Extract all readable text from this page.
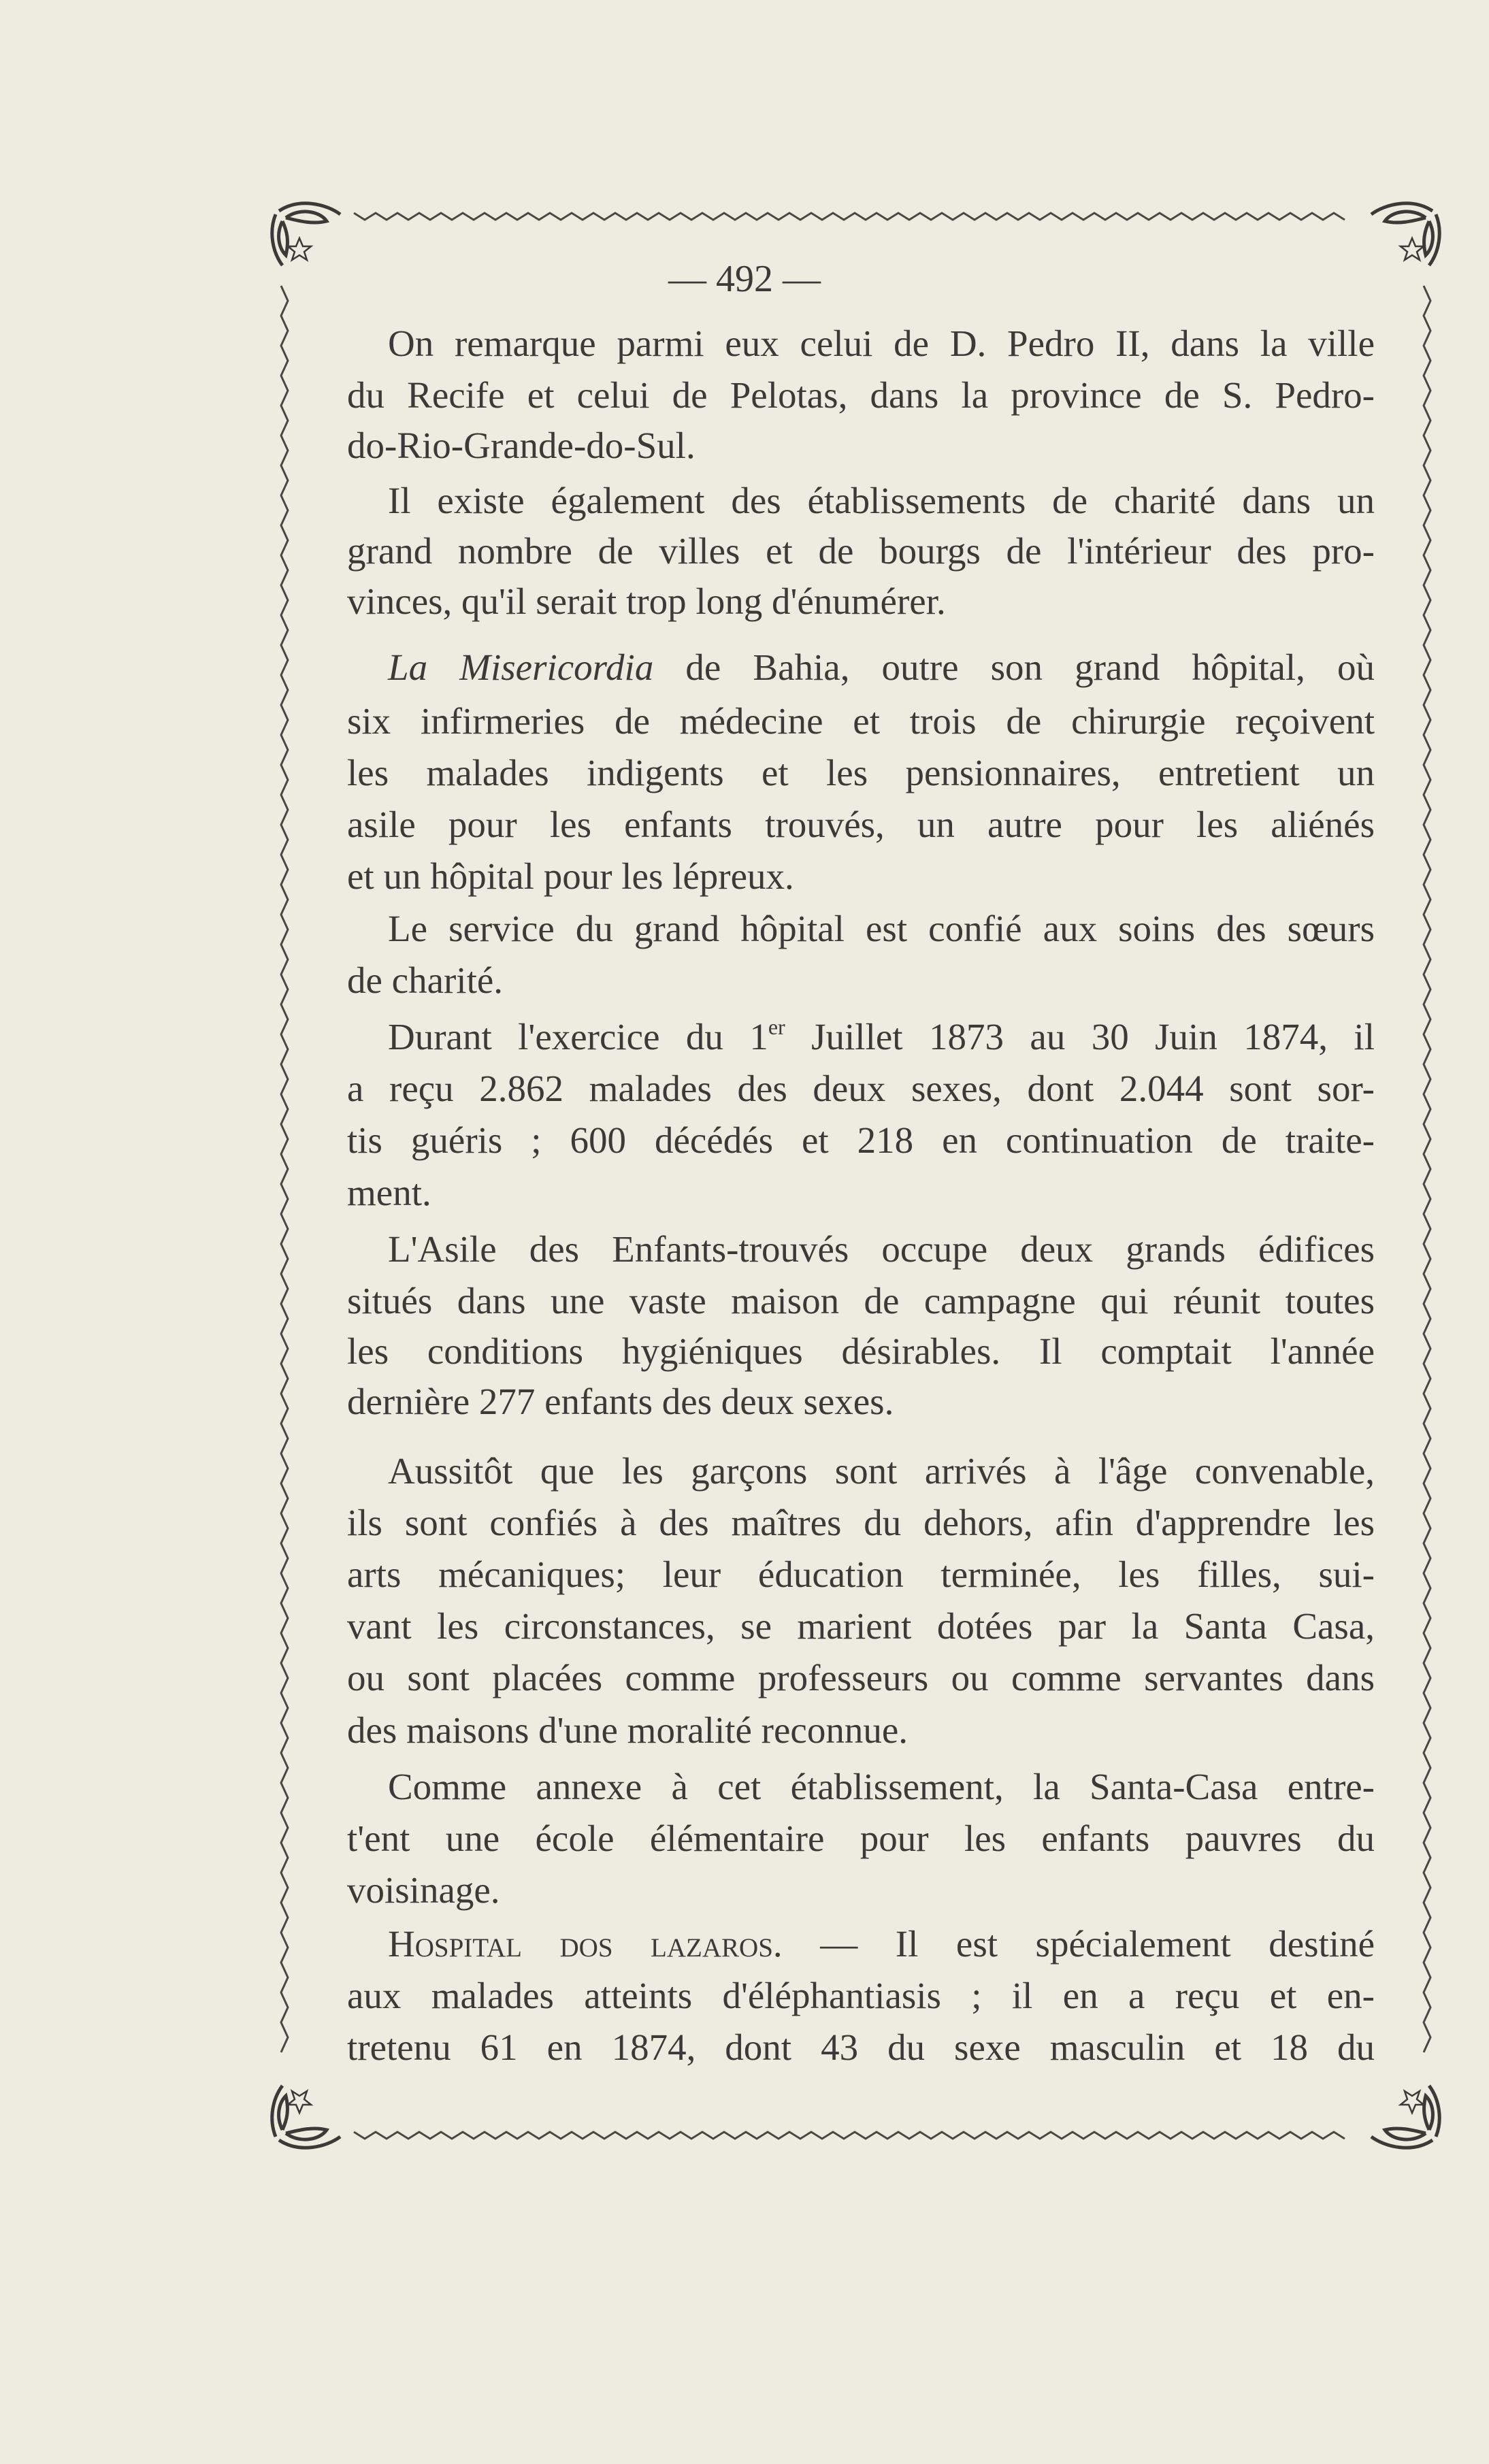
— 492 —
On remarque parmi eux celui de D. Pedro II, dans la ville
du Recife et celui de Pelotas, dans la province de S. Pedro-
do-Rio-Grande-do-Sul.
Il existe également des établissements de charité dans un
grand nombre de villes et de bourgs de l'intérieur des pro-
vinces, qu'il serait trop long d'énumérer.
La Misericordia de Bahia, outre son grand hôpital, où
six infirmeries de médecine et trois de chirurgie reçoivent
les malades indigents et les pensionnaires, entretient un
asile pour les enfants trouvés, un autre pour les aliénés
et un hôpital pour les lépreux.
Le service du grand hôpital est confié aux soins des sœurs
de charité.
Durant l'exercice du 1er Juillet 1873 au 30 Juin 1874, il
a reçu 2.862 malades des deux sexes, dont 2.044 sont sor-
tis guéris ; 600 décédés et 218 en continuation de traite-
ment.
L'Asile des Enfants-trouvés occupe deux grands édifices
situés dans une vaste maison de campagne qui réunit toutes
les conditions hygiéniques désirables. Il comptait l'année
dernière 277 enfants des deux sexes.
Aussitôt que les garçons sont arrivés à l'âge convenable,
ils sont confiés à des maîtres du dehors, afin d'apprendre les
arts mécaniques; leur éducation terminée, les filles, sui-
vant les circonstances, se marient dotées par la Santa Casa,
ou sont placées comme professeurs ou comme servantes dans
des maisons d'une moralité reconnue.
Comme annexe à cet établissement, la Santa-Casa entre-
t'ent une école élémentaire pour les enfants pauvres du
voisinage.
Hospital dos lazaros. — Il est spécialement destiné
aux malades atteints d'éléphantiasis ; il en a reçu et en-
tretenu 61 en 1874, dont 43 du sexe masculin et 18 du
